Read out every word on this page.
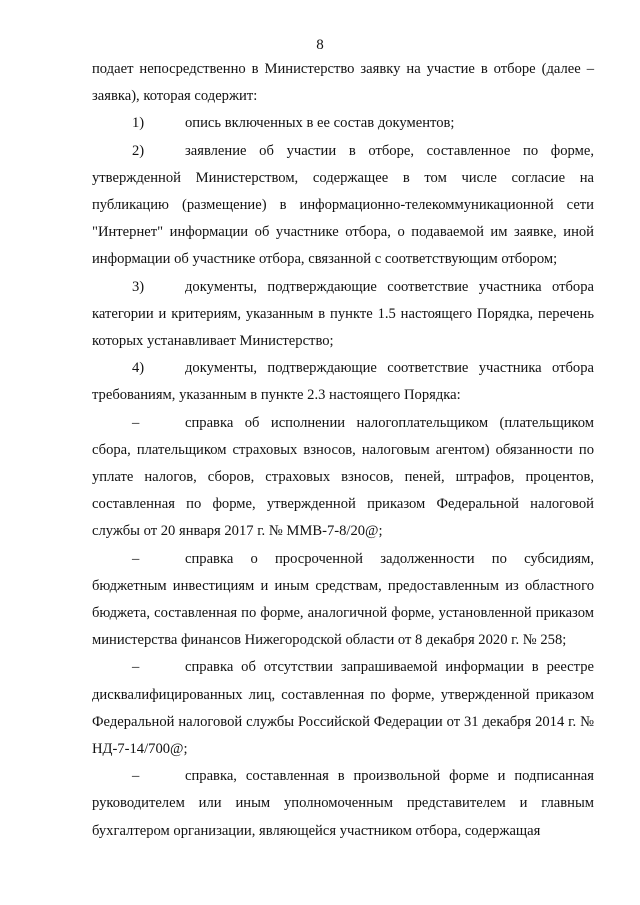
8

подает непосредственно в Министерство заявку на участие в отборе (далее – заявка), которая содержит:

1)	опись включенных в ее состав документов;

2)	заявление об участии в отборе, составленное по форме, утвержденной Министерством, содержащее в том числе согласие на публикацию (размещение) в информационно-телекоммуникационной сети "Интернет" информации об участнике отбора, о подаваемой им заявке, иной информации об участнике отбора, связанной с соответствующим отбором;

3)	документы, подтверждающие соответствие участника отбора категории и критериям, указанным в пункте 1.5 настоящего Порядка, перечень которых устанавливает Министерство;

4)	документы, подтверждающие соответствие участника отбора требованиям, указанным в пункте 2.3 настоящего Порядка:

–	справка об исполнении налогоплательщиком (плательщиком сбора, плательщиком страховых взносов, налоговым агентом) обязанности по уплате налогов, сборов, страховых взносов, пеней, штрафов, процентов, составленная по форме, утвержденной приказом Федеральной налоговой службы от 20 января 2017 г. № ММВ-7-8/20@;

–	справка о просроченной задолженности по субсидиям, бюджетным инвестициям и иным средствам, предоставленным из областного бюджета, составленная по форме, аналогичной форме, установленной приказом министерства финансов Нижегородской области от 8 декабря 2020 г. № 258;

–	справка об отсутствии запрашиваемой информации в реестре дисквалифицированных лиц, составленная по форме, утвержденной приказом Федеральной налоговой службы Российской Федерации от 31 декабря 2014 г. № НД-7-14/700@;

–	справка, составленная в произвольной форме и подписанная руководителем или иным уполномоченным представителем и главным бухгалтером организации, являющейся участником отбора, содержащая
